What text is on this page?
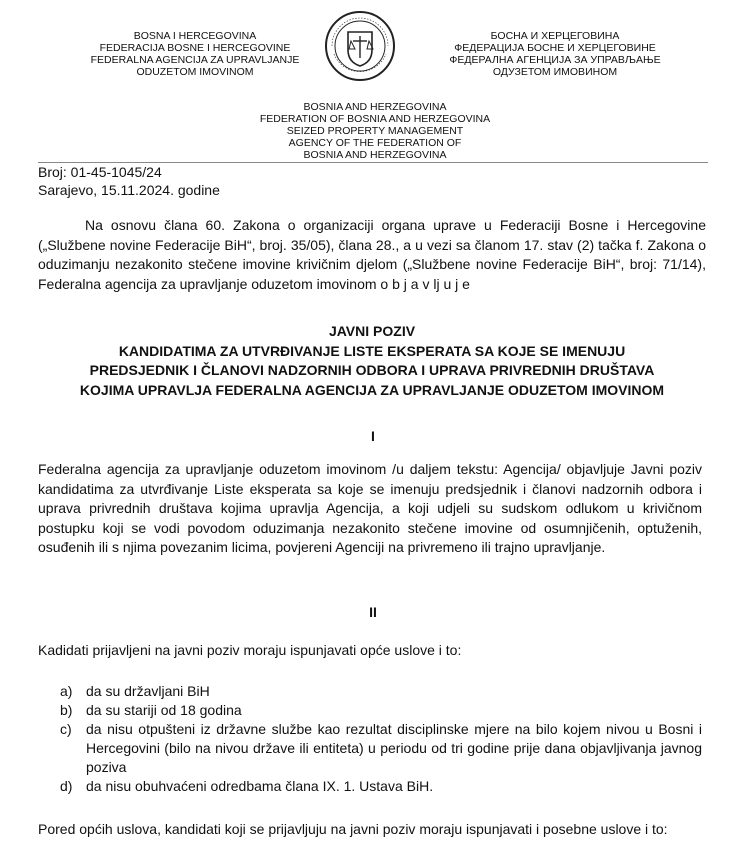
BOSNA I HERCEGOVINA
FEDERACIJA BOSNE I HERCEGOVINE
FEDERALNA AGENCIJA ZA UPRAVLJANJE
ODUZETOM IMOVINOM
БОСНА И ХЕРЦЕГОВИНА
ФЕДЕРАЦИЈА БОСНЕ И ХЕРЦЕГОВИНЕ
ФЕДЕРАЛНА АГЕНЦИЈА ЗА УПРАВЉАЊЕ
ОДУЗЕТОМ ИМОВИНОМ
BOSNIA AND HERZEGOVINA
FEDERATION OF BOSNIA AND HERZEGOVINA
SEIZED PROPERTY MANAGEMENT
AGENCY OF THE FEDERATION OF
BOSNIA AND HERZEGOVINA
Broj: 01-45-1045/24
Sarajevo, 15.11.2024. godine
Na osnovu člana 60. Zakona o organizaciji organa uprave u Federaciji Bosne i Hercegovine („Službene novine Federacije BiH“, broj. 35/05), člana 28., a u vezi sa članom 17. stav (2) tačka f. Zakona o oduzimanju nezakonito stečene imovine krivičnim djelom („Službene novine Federacije BiH“, broj: 71/14), Federalna agencija za upravljanje oduzetom imovinom o b j a v lj u j e
JAVNI POZIV
KANDIDATIMA ZA UTVRĐIVANJE LISTE EKSPERATA SA KOJE SE IMENUJU
PREDSJEDNIK I ČLANOVI NADZORNIH ODBORA I UPRAVA PRIVREDNIH DRUŠTAVA
KOJIMA UPRAVLJA FEDERALNA AGENCIJA ZA UPRAVLJANJE ODUZETOM IMOVINOM
I
Federalna agencija za upravljanje oduzetom imovinom /u daljem tekstu: Agencija/ objavljuje Javni poziv kandidatima za utvrđivanje Liste eksperata sa koje se imenuju predsjednik i članovi nadzornih odbora i uprava privrednih društava kojima upravlja Agencija, a koji udjeli su sudskom odlukom u krivičnom postupku koji se vodi povodom oduzimanja nezakonito stečene imovine od osumnjičenih, optuženih, osuđenih ili s njima povezanim licima, povjereni Agenciji na privremeno ili trajno upravljanje.
II
Kadidati prijavljeni na javni poziv moraju ispunjavati opće uslove i to:
a) da su državljani BiH
b) da su stariji od 18 godina
c)	da nisu otpušteni iz državne službe kao rezultat disciplinske mjere na bilo kojem nivou u Bosni i Hercegovini (bilo na nivou države ili entiteta) u periodu od tri godine prije dana objavljivanja javnog poziva
d) da nisu obuhvaćeni odredbama člana IX. 1. Ustava BiH.
Pored općih uslova, kandidati koji se prijavljuju na javni poziv moraju ispunjavati i posebne uslove i to:
